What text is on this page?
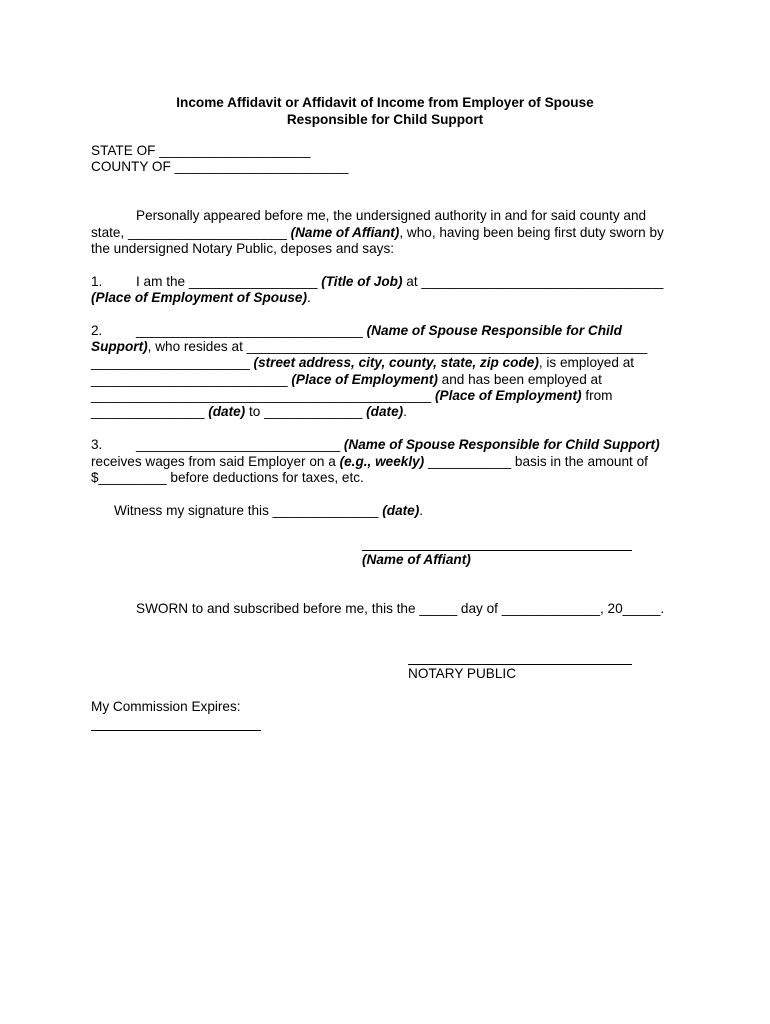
Income Affidavit or Affidavit of Income from Employer of Spouse
Responsible for Child Support
STATE OF ____________________
COUNTY OF _______________________
Personally appeared before me, the undersigned authority in and for said county and
state, _____________________ (Name of Affiant), who, having been being first duty sworn by
the undersigned Notary Public, deposes and says:
1. I am the _________________ (Title of Job) at ________________________________
(Place of Employment of Spouse).
2. ______________________________ (Name of Spouse Responsible for Child
Support), who resides at _____________________________________________________
_____________________ (street address, city, county, state, zip code), is employed at
__________________________ (Place of Employment) and has been employed at
_____________________________________________ (Place of Employment) from
_______________ (date) to _____________ (date).
3. ___________________________ (Name of Spouse Responsible for Child Support)
receives wages from said Employer on a (e.g., weekly) ___________ basis in the amount of
$_________ before deductions for taxes, etc.
Witness my signature this ______________ (date).
(Name of Affiant)
SWORN to and subscribed before me, this the _____ day of _____________, 20_____.
NOTARY PUBLIC
My Commission Expires:
